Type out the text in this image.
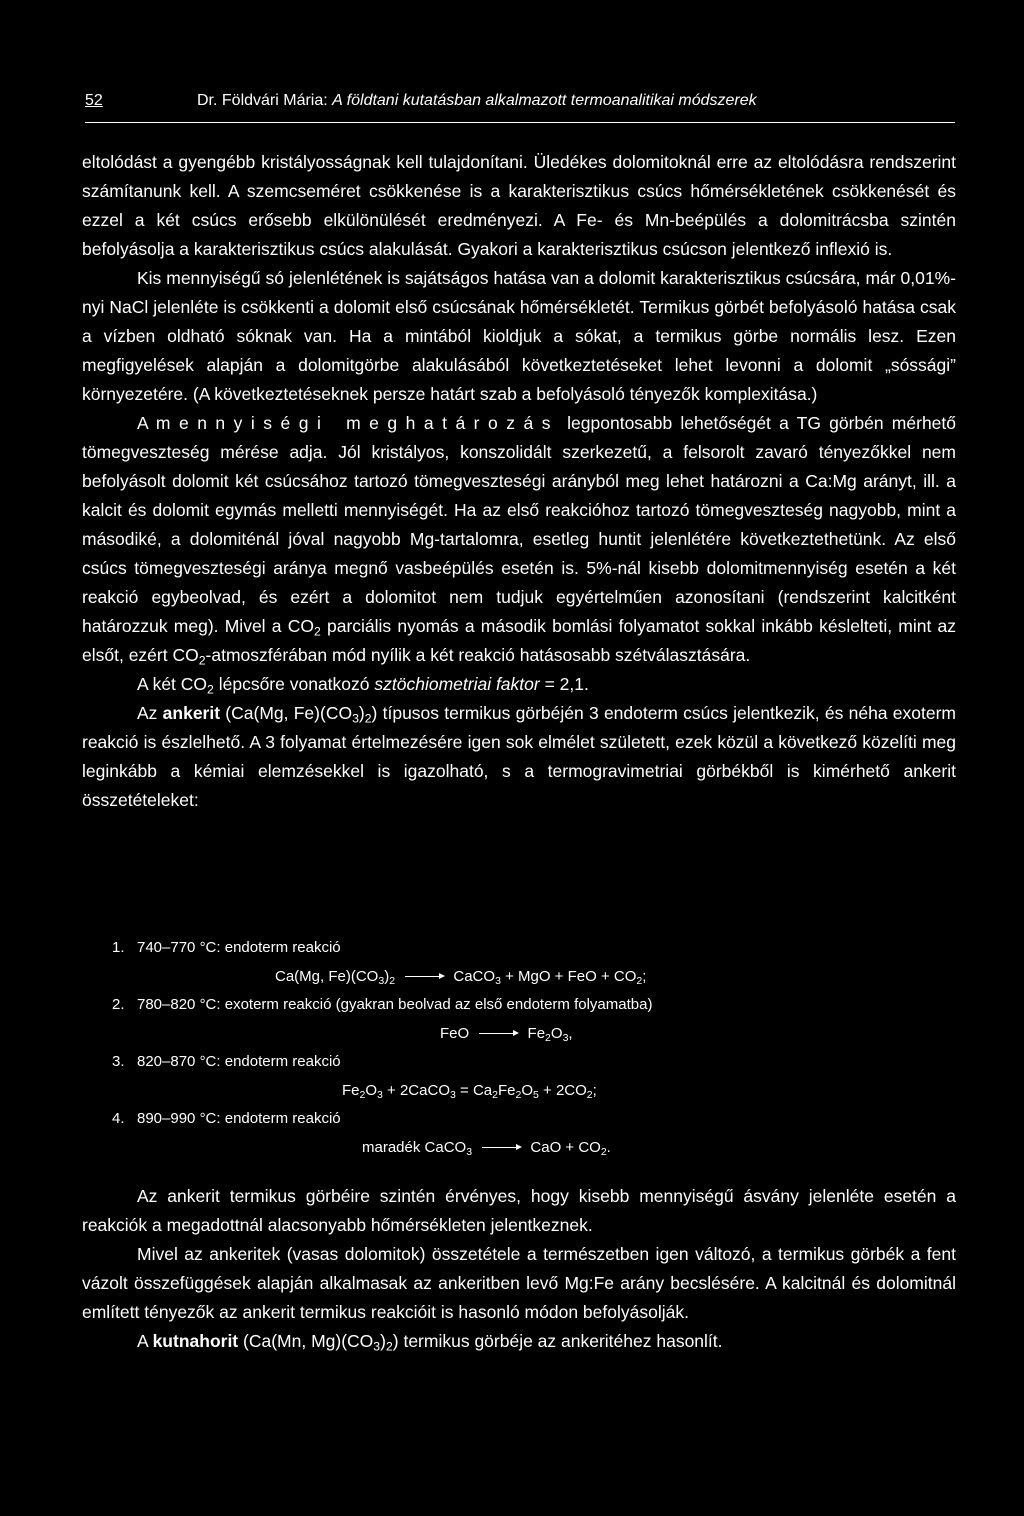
52	Dr. Földvári Mária: A földtani kutatásban alkalmazott termoanalitikai módszerek

eltolódást a gyengébb kristályosságnak kell tulajdonítani. Üledékes dolomitoknál erre az eltolódásra rendszerint számítanunk kell. A szemcseméret csökkenése is a karakterisztikus csúcs hőmérsékletének csökkenését és ezzel a két csúcs erősebb elkülönülését eredményezi. A Fe- és Mn-beépülés a dolomitrácsba szintén befolyásolja a karakterisztikus csúcs alakulását. Gyakori a karakterisztikus csúcson jelentkező inflexió is.

Kis mennyiségű só jelenlétének is sajátságos hatása van a dolomit karakterisztikus csúcsára, már 0,01%-nyi NaCl jelenléte is csökkenti a dolomit első csúcsának hőmérsékletét. Termikus görbét befolyásoló hatása csak a vízben oldható sóknak van. Ha a mintából kioldjuk a sókat, a termikus görbe normális lesz. Ezen megfigyelések alapján a dolomitgörbe alakulásából következtetéseket lehet levonni a dolomit „sóssági” környezetére. (A következtetéseknek persze határt szab a befolyásoló tényezők komplexitása.)

A mennyiségi meghatározás legpontosabb lehetőségét a TG görbén mérhető tömegveszteség mérése adja. Jól kristályos, konszolidált szerkezetű, a felsorolt zavaró tényezőkkel nem befolyásolt dolomit két csúcsához tartozó tömegveszteségi arányból meg lehet határozni a Ca:Mg arányt, ill. a kalcit és dolomit egymás melletti mennyiségét. Ha az első reakcióhoz tartozó tömegveszteség nagyobb, mint a másodiké, a dolomiténál jóval nagyobb Mg-tartalomra, esetleg huntit jelenlétére következtethetünk. Az első csúcs tömegveszteségi aránya megnő vasbeépülés esetén is. 5%-nál kisebb dolomitmennyiség esetén a két reakció egybeolvad, és ezért a dolomitot nem tudjuk egyértelműen azonosítani (rendszerint kalcitként határozzuk meg). Mivel a $CO_2$ parciális nyomás a második bomlási folyamatot sokkal inkább késlelteti, mint az elsőt, ezért $CO_2$-atmoszférában mód nyílik a két reakció hatásosabb szétválasztására.

A két $CO_2$ lépcsőre vonatkozó sztöchiometriai faktor = 2,1.

Az ankerit (Ca(Mg, $Fe)(CO_3)_2$) típusos termikus görbéjén 3 endoterm csúcs jelentkezik, és néha exoterm reakció is észlelhető. A 3 folyamat értelmezésére igen sok elmélet született, ezek közül a következő közelíti meg leginkább a kémiai elemzésekkel is igazolható, s a termogravimetriai görbékből is kimérhető ankerit összetételeket:

1. 740–770 °C: endoterm reakció
Ca(Mg, $Fe)(CO_3)_2$	CaCO$_3$ + MgO + FeO + $CO_2$;
2. 780–820 °C: exoterm reakció (gyakran beolvad az első endoterm folyamatba)
FeO	$Fe_2O_3$,
3. 820–870 °C: endoterm reakció
$Fe_2O_3$ + 2CaCO$_3$ = $Ca_2Fe_2O_5 + 2CO_2$;
4. 890–990 °C: endoterm reakció
maradék CaCO$_3$	CaO + $CO_2$.

Az ankerit termikus görbéire szintén érvényes, hogy kisebb mennyiségű ásvány jelenléte esetén a reakciók a megadottnál alacsonyabb hőmérsékleten jelentkeznek.

Mivel az ankeritek (vasas dolomitok) összetétele a természetben igen változó, a termikus görbék a fent vázolt összefüggések alapján alkalmasak az ankeritben levő Mg:Fe arány becslésére. A kalcitnál és dolomitnál említett tényezők az ankerit termikus reakcióit is hasonló módon befolyásolják.

A kutnahorit (Ca(Mn, $Mg)(CO_3)_2$) termikus görbéje az ankeritéhez hasonlít.
